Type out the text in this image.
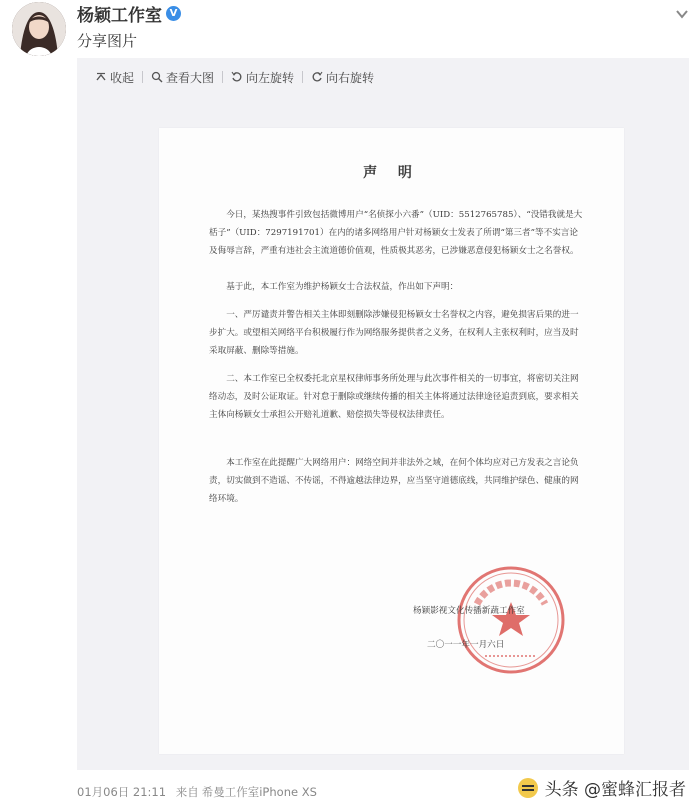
杨颖工作室 V
分享图片
收起	查看大图	向左旋转	向右旋转
声 明
今日，某热搜事件引致包括微博用户“名侦探小六番”（UID：5512765785）、“没错我就是大栝子”（UID：7297191701）在内的诸多网络用户针对杨颖女士发表了所谓“第三者”等不实言论及侮辱言辞，严重有违社会主流道德价值观，性质极其恶劣，已涉嫌恶意侵犯杨颖女士之名誉权。
基于此，本工作室为维护杨颖女士合法权益，作出如下声明：
一、严厉谴责并警告相关主体即刻删除涉嫌侵犯杨颖女士名誉权之内容，避免损害后果的进一步扩大。或望相关网络平台积极履行作为网络服务提供者之义务，在权利人主张权利时，应当及时采取屏蔽、删除等措施。
二、本工作室已全权委托北京星权律师事务所处理与此次事件相关的一切事宜，将密切关注网络动态，及时公证取证。针对怠于删除或继续传播的相关主体将通过法律途径追责到底，要求相关主体向杨颖女士承担公开赔礼道歉、赔偿损失等侵权法律责任。
本工作室在此提醒广大网络用户：网络空间并非法外之域，在何个体均应对己方发表之言论负责，切实做到不造谣、不传谣，不得逾越法律边界，应当坚守道德底线，共同维护绿色、健康的网络环境。
杨颖影视文化传播新蔬工作室
二〇一一年一月六日
01月06日 21:11
来自 希曼工作室iPhone XS	头条 @蜜蜂汇报者
